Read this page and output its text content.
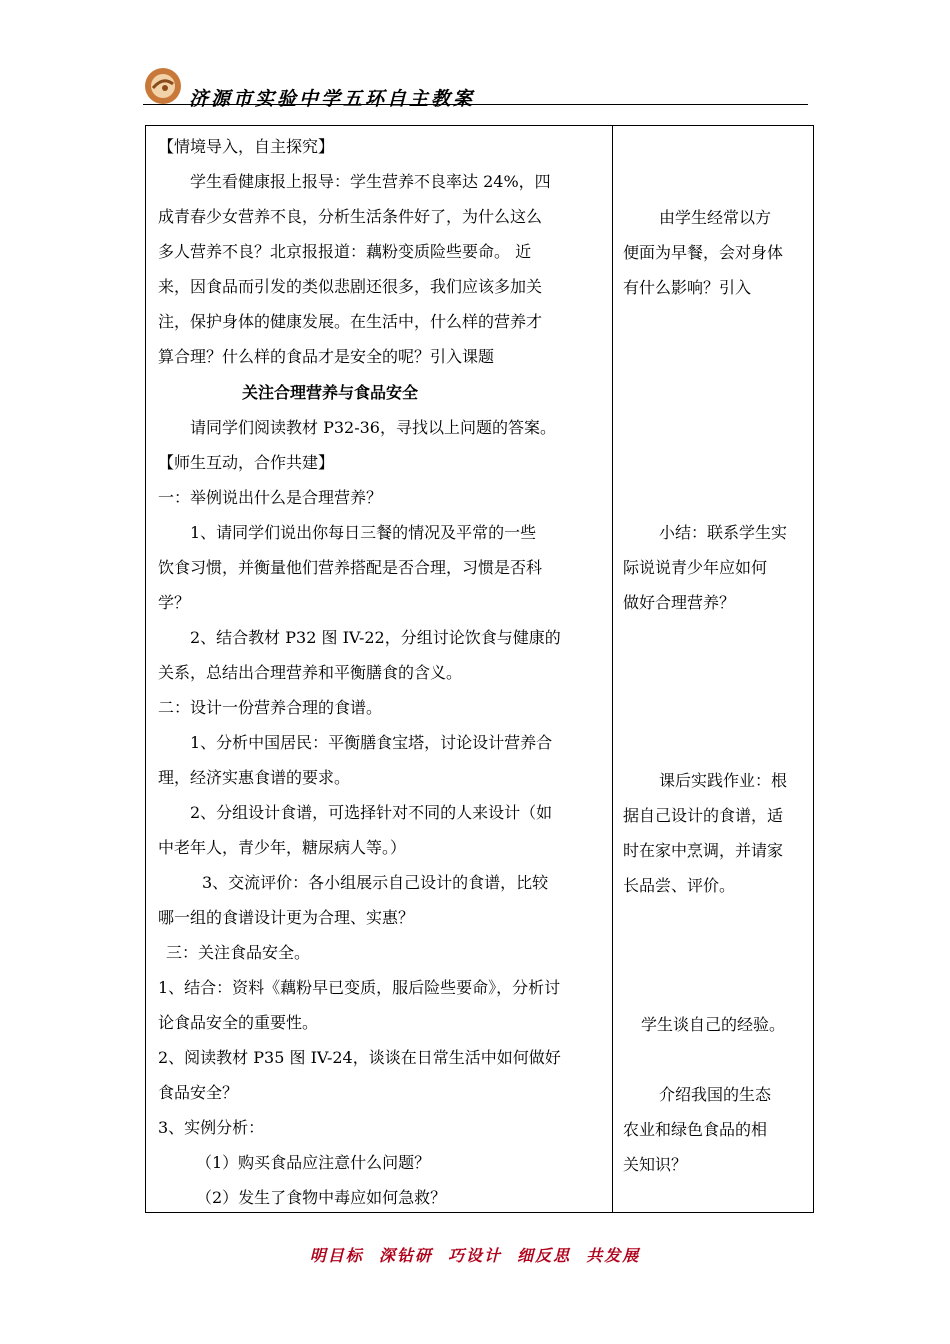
济源市实验中学五环自主教案
【情境导入，自主探究】
学生看健康报上报导：学生营养不良率达 24%，四
成青春少女营养不良，分析生活条件好了，为什么这么
多人营养不良？北京报报道：藕粉变质险些要命。 近
来，因食品而引发的类似悲剧还很多，我们应该多加关
注，保护身体的健康发展。在生活中，什么样的营养才
算合理？什么样的食品才是安全的呢？引入课题
关注合理营养与食品安全
请同学们阅读教材 P32-36，寻找以上问题的答案。
【师生互动，合作共建】
一：举例说出什么是合理营养？
1、请同学们说出你每日三餐的情况及平常的一些
饮食习惯，并衡量他们营养搭配是否合理，习惯是否科
学？
2、结合教材 P32 图 IV-22，分组讨论饮食与健康的
关系，总结出合理营养和平衡膳食的含义。
二：设计一份营养合理的食谱。
1、分析中国居民：平衡膳食宝塔，讨论设计营养合
理，经济实惠食谱的要求。
2、分组设计食谱，可选择针对不同的人来设计（如
中老年人，青少年，糖尿病人等。）
3、交流评价：各小组展示自己设计的食谱，比较
哪一组的食谱设计更为合理、实惠？
三：关注食品安全。
1、结合：资料《藕粉早已变质，服后险些要命》，分析讨
论食品安全的重要性。
2、阅读教材 P35 图 IV-24，谈谈在日常生活中如何做好
食品安全？
3、实例分析：
（1）购买食品应注意什么问题？
（2）发生了食物中毒应如何急救？
由学生经常以方
便面为早餐，会对身体
有什么影响？引入
小结：联系学生实
际说说青少年应如何
做好合理营养？
课后实践作业：根
据自己设计的食谱，适
时在家中烹调，并请家
长品尝、评价。
学生谈自己的经验。
介绍我国的生态
农业和绿色食品的相
关知识？
明目标  深钻研  巧设计  细反思  共发展
